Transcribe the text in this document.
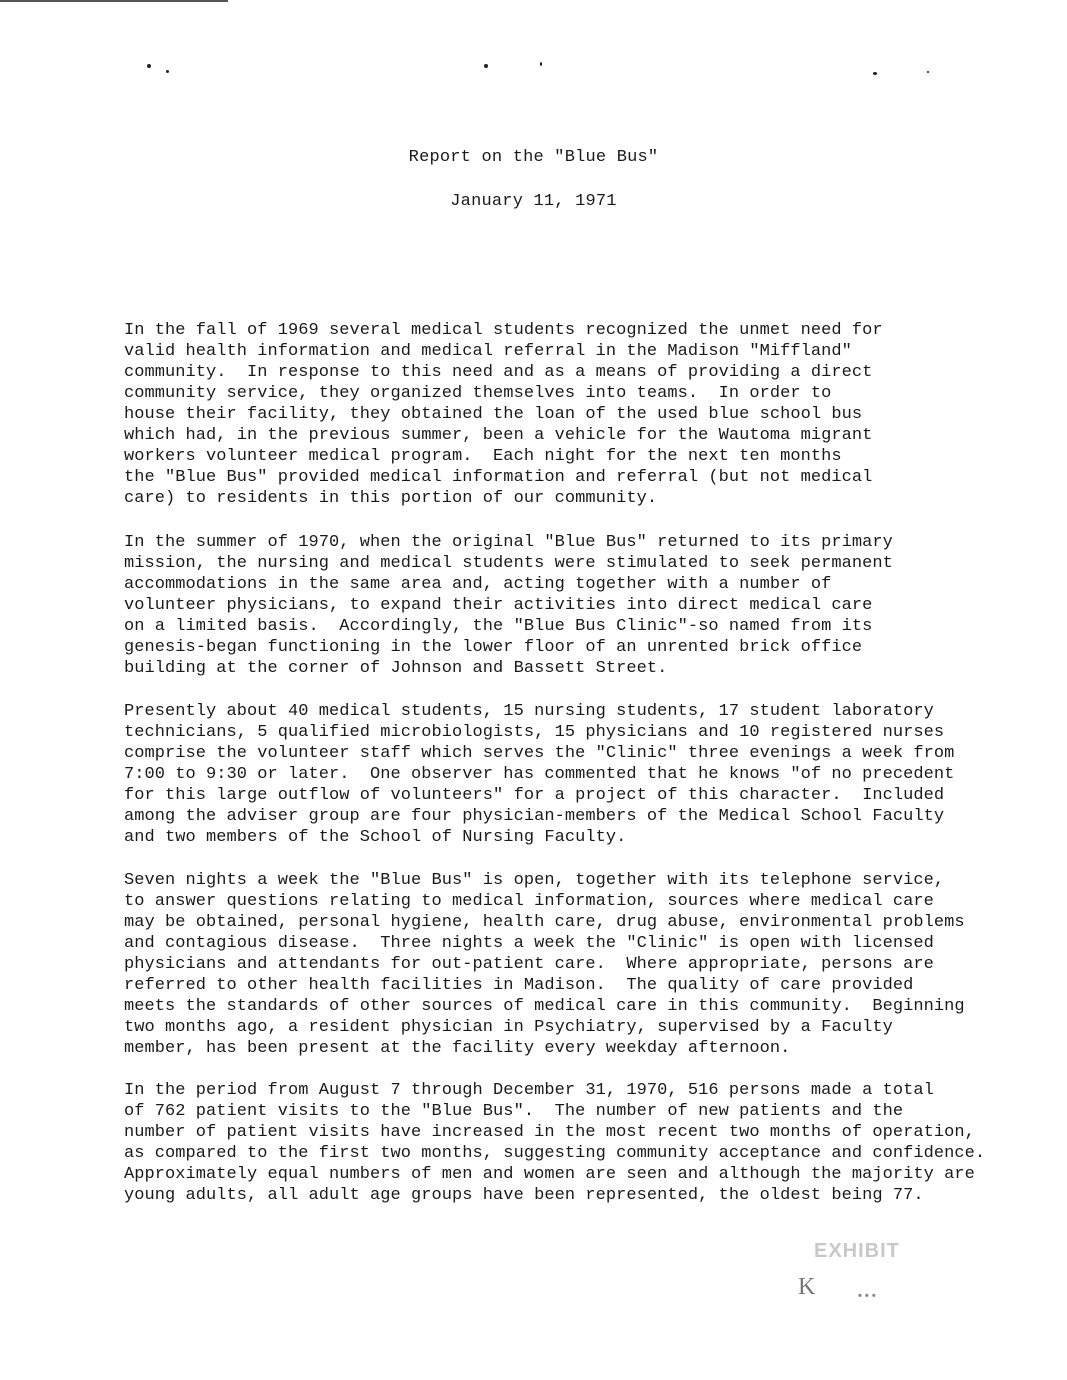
Report on the "Blue Bus"
January 11, 1971
In the fall of 1969 several medical students recognized the unmet need for
valid health information and medical referral in the Madison "Miffland"
community.  In response to this need and as a means of providing a direct
community service, they organized themselves into teams.  In order to
house their facility, they obtained the loan of the used blue school bus
which had, in the previous summer, been a vehicle for the Wautoma migrant
workers volunteer medical program.  Each night for the next ten months
the "Blue Bus" provided medical information and referral (but not medical
care) to residents in this portion of our community.
In the summer of 1970, when the original "Blue Bus" returned to its primary
mission, the nursing and medical students were stimulated to seek permanent
accommodations in the same area and, acting together with a number of
volunteer physicians, to expand their activities into direct medical care
on a limited basis.  Accordingly, the "Blue Bus Clinic"-so named from its
genesis-began functioning in the lower floor of an unrented brick office
building at the corner of Johnson and Bassett Street.
Presently about 40 medical students, 15 nursing students, 17 student laboratory
technicians, 5 qualified microbiologists, 15 physicians and 10 registered nurses
comprise the volunteer staff which serves the "Clinic" three evenings a week from
7:00 to 9:30 or later.  One observer has commented that he knows "of no precedent
for this large outflow of volunteers" for a project of this character.  Included
among the adviser group are four physician-members of the Medical School Faculty
and two members of the School of Nursing Faculty.
Seven nights a week the "Blue Bus" is open, together with its telephone service,
to answer questions relating to medical information, sources where medical care
may be obtained, personal hygiene, health care, drug abuse, environmental problems
and contagious disease.  Three nights a week the "Clinic" is open with licensed
physicians and attendants for out-patient care.  Where appropriate, persons are
referred to other health facilities in Madison.  The quality of care provided
meets the standards of other sources of medical care in this community.  Beginning
two months ago, a resident physician in Psychiatry, supervised by a Faculty
member, has been present at the facility every weekday afternoon.
In the period from August 7 through December 31, 1970, 516 persons made a total
of 762 patient visits to the "Blue Bus".  The number of new patients and the
number of patient visits have increased in the most recent two months of operation,
as compared to the first two months, suggesting community acceptance and confidence.
Approximately equal numbers of men and women are seen and although the majority are
young adults, all adult age groups have been represented, the oldest being 77.
EXHIBIT
K	• • •
